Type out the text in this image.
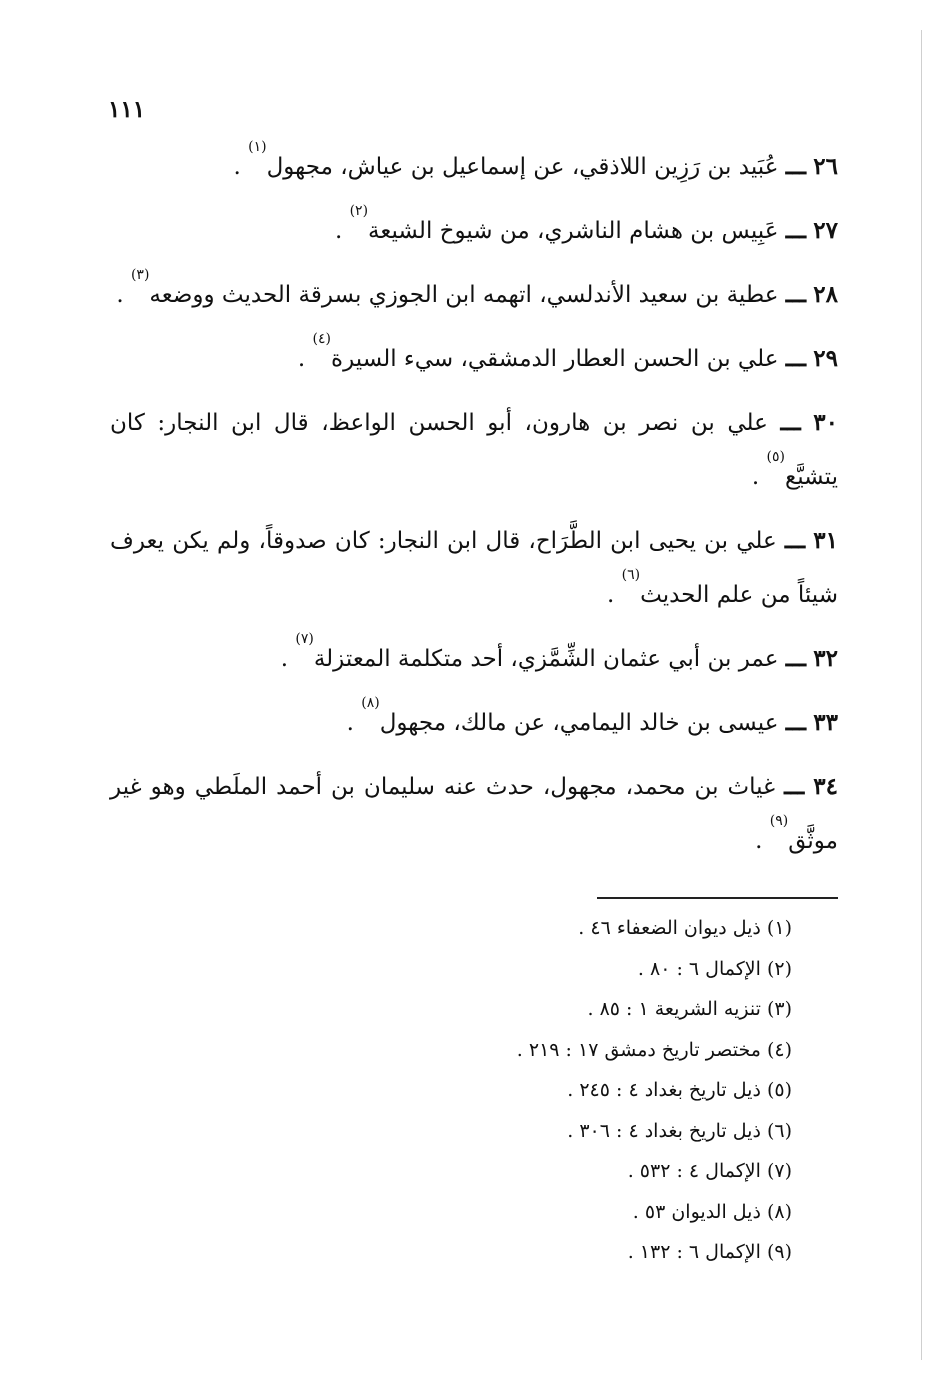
١١١

٢٦ ـــ عُبَيد بن رَزِين اللاذقي، عن إسماعيل بن عياش، مجهول$^{(١)}$ .

٢٧ ـــ عَبِيس بن هشام الناشري، من شيوخ الشيعة$^{(٢)}$ .

٢٨ ـــ عطية بن سعيد الأندلسي، اتهمه ابن الجوزي بسرقة الحديث ووضعه$^{(٣)}$ .

٢٩ ـــ علي بن الحسن العطار الدمشقي، سيء السيرة$^{(٤)}$ .

٣٠ ـــ علي بن نصر بن هارون، أبو الحسن الواعظ، قال ابن النجار: كان يتشيَّع$^{(٥)}$ .

٣١ ـــ علي بن يحيى ابن الطَّرَاح، قال ابن النجار: كان صدوقاً، ولم يكن يعرف شيئاً من علم الحديث$^{(٦)}$ .

٣٢ ـــ عمر بن أبي عثمان الشِّمَّزي، أحد متكلمة المعتزلة$^{(٧)}$ .

٣٣ ـــ عيسى بن خالد اليمامي، عن مالك، مجهول$^{(٨)}$ .

٣٤ ـــ غياث بن محمد، مجهول، حدث عنه سليمان بن أحمد الملَطي وهو غير موثَّق$^{(٩)}$ .

(١) ذيل ديوان الضعفاء ٤٦ .

(٢) الإكمال ٦ : ٨٠ .

(٣) تنزيه الشريعة ١ : ٨٥ .

(٤) مختصر تاريخ دمشق ١٧ : ٢١٩ .

(٥) ذيل تاريخ بغداد ٤ : ٢٤٥ .

(٦) ذيل تاريخ بغداد ٤ : ٣٠٦ .

(٧) الإكمال ٤ : ٥٣٢ .

(٨) ذيل الديوان ٥٣ .

(٩) الإكمال ٦ : ١٣٢ .
